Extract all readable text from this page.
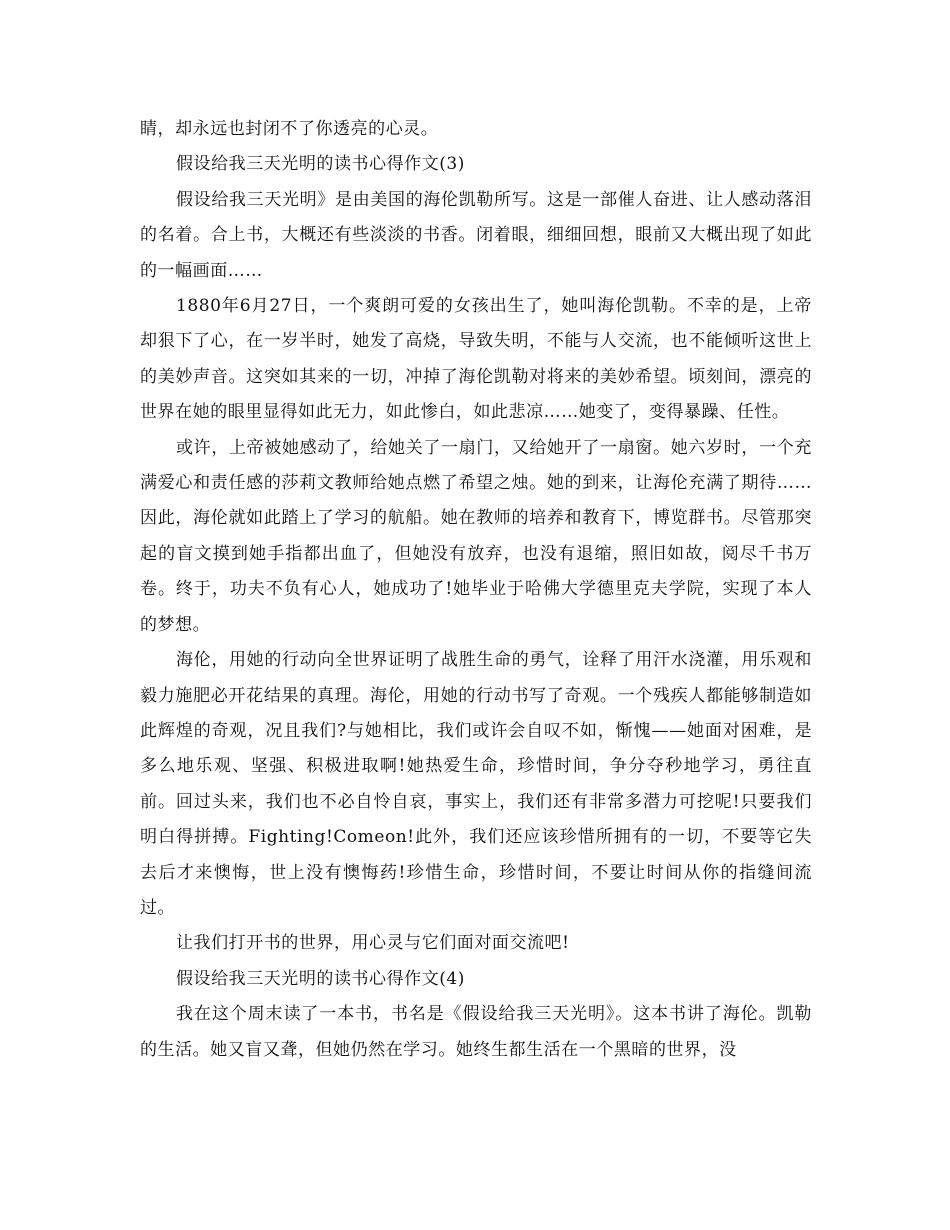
睛，却永远也封闭不了你透亮的心灵。

假设给我三天光明的读书心得作文(3)

假设给我三天光明》是由美国的海伦凯勒所写。这是一部催人奋进、让人感动落泪的名着。合上书，大概还有些淡淡的书香。闭着眼，细细回想，眼前又大概出现了如此的一幅画面……

1880年6月27日，一个爽朗可爱的女孩出生了，她叫海伦凯勒。不幸的是，上帝却狠下了心，在一岁半时，她发了高烧，导致失明，不能与人交流，也不能倾听这世上的美妙声音。这突如其来的一切，冲掉了海伦凯勒对将来的美妙希望。顷刻间，漂亮的世界在她的眼里显得如此无力，如此惨白，如此悲凉……她变了，变得暴躁、任性。

或许，上帝被她感动了，给她关了一扇门，又给她开了一扇窗。她六岁时，一个充满爱心和责任感的莎莉文教师给她点燃了希望之烛。她的到来，让海伦充满了期待……因此，海伦就如此踏上了学习的航船。她在教师的培养和教育下，博览群书。尽管那突起的盲文摸到她手指都出血了，但她没有放弃，也没有退缩，照旧如故，阅尽千书万卷。终于，功夫不负有心人，她成功了!她毕业于哈佛大学德里克夫学院，实现了本人的梦想。

海伦，用她的行动向全世界证明了战胜生命的勇气，诠释了用汗水浇灌，用乐观和毅力施肥必开花结果的真理。海伦，用她的行动书写了奇观。一个残疾人都能够制造如此辉煌的奇观，况且我们?与她相比，我们或许会自叹不如，惭愧——她面对困难，是多么地乐观、坚强、积极进取啊!她热爱生命，珍惜时间，争分夺秒地学习，勇往直前。回过头来，我们也不必自怜自哀，事实上，我们还有非常多潜力可挖呢!只要我们明白得拼搏。Fighting!Comeon!此外，我们还应该珍惜所拥有的一切，不要等它失去后才来懊悔，世上没有懊悔药!珍惜生命，珍惜时间，不要让时间从你的指缝间流过。

让我们打开书的世界，用心灵与它们面对面交流吧!

假设给我三天光明的读书心得作文(4)

我在这个周末读了一本书，书名是《假设给我三天光明》。这本书讲了海伦。凯勒的生活。她又盲又聋，但她仍然在学习。她终生都生活在一个黑暗的世界，没
